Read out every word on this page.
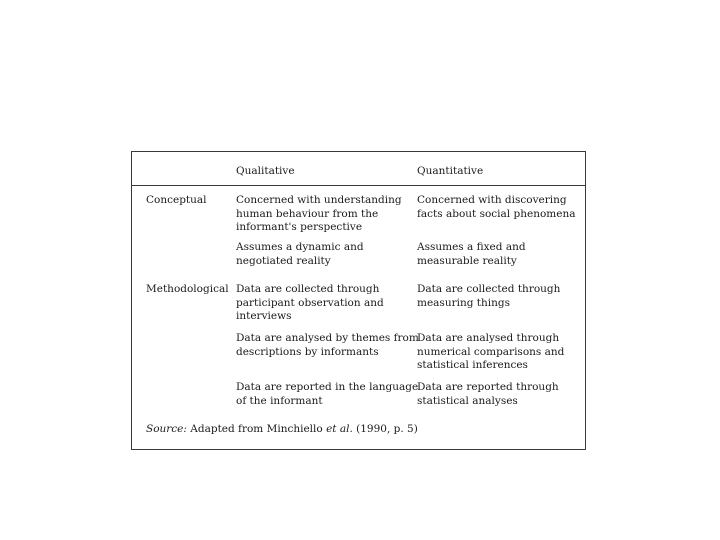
Qualitative	Quantitative
Conceptual	Concerned with understanding
human behaviour from the
informant's perspective
Concerned with discovering
facts about social phenomena
Assumes a dynamic and
negotiated reality
Assumes a fixed and
measurable reality
Methodological Data are collected through
participant observation and
interviews
Data are collected through
measuring things
Data are analysed by themes from
descriptions by informants
Data are analysed through
numerical comparisons and
statistical inferences
Data are reported in the language
of the informant
Data are reported through
statistical analyses
Source: Adapted from Minchiello et al. (1990, p. 5)
